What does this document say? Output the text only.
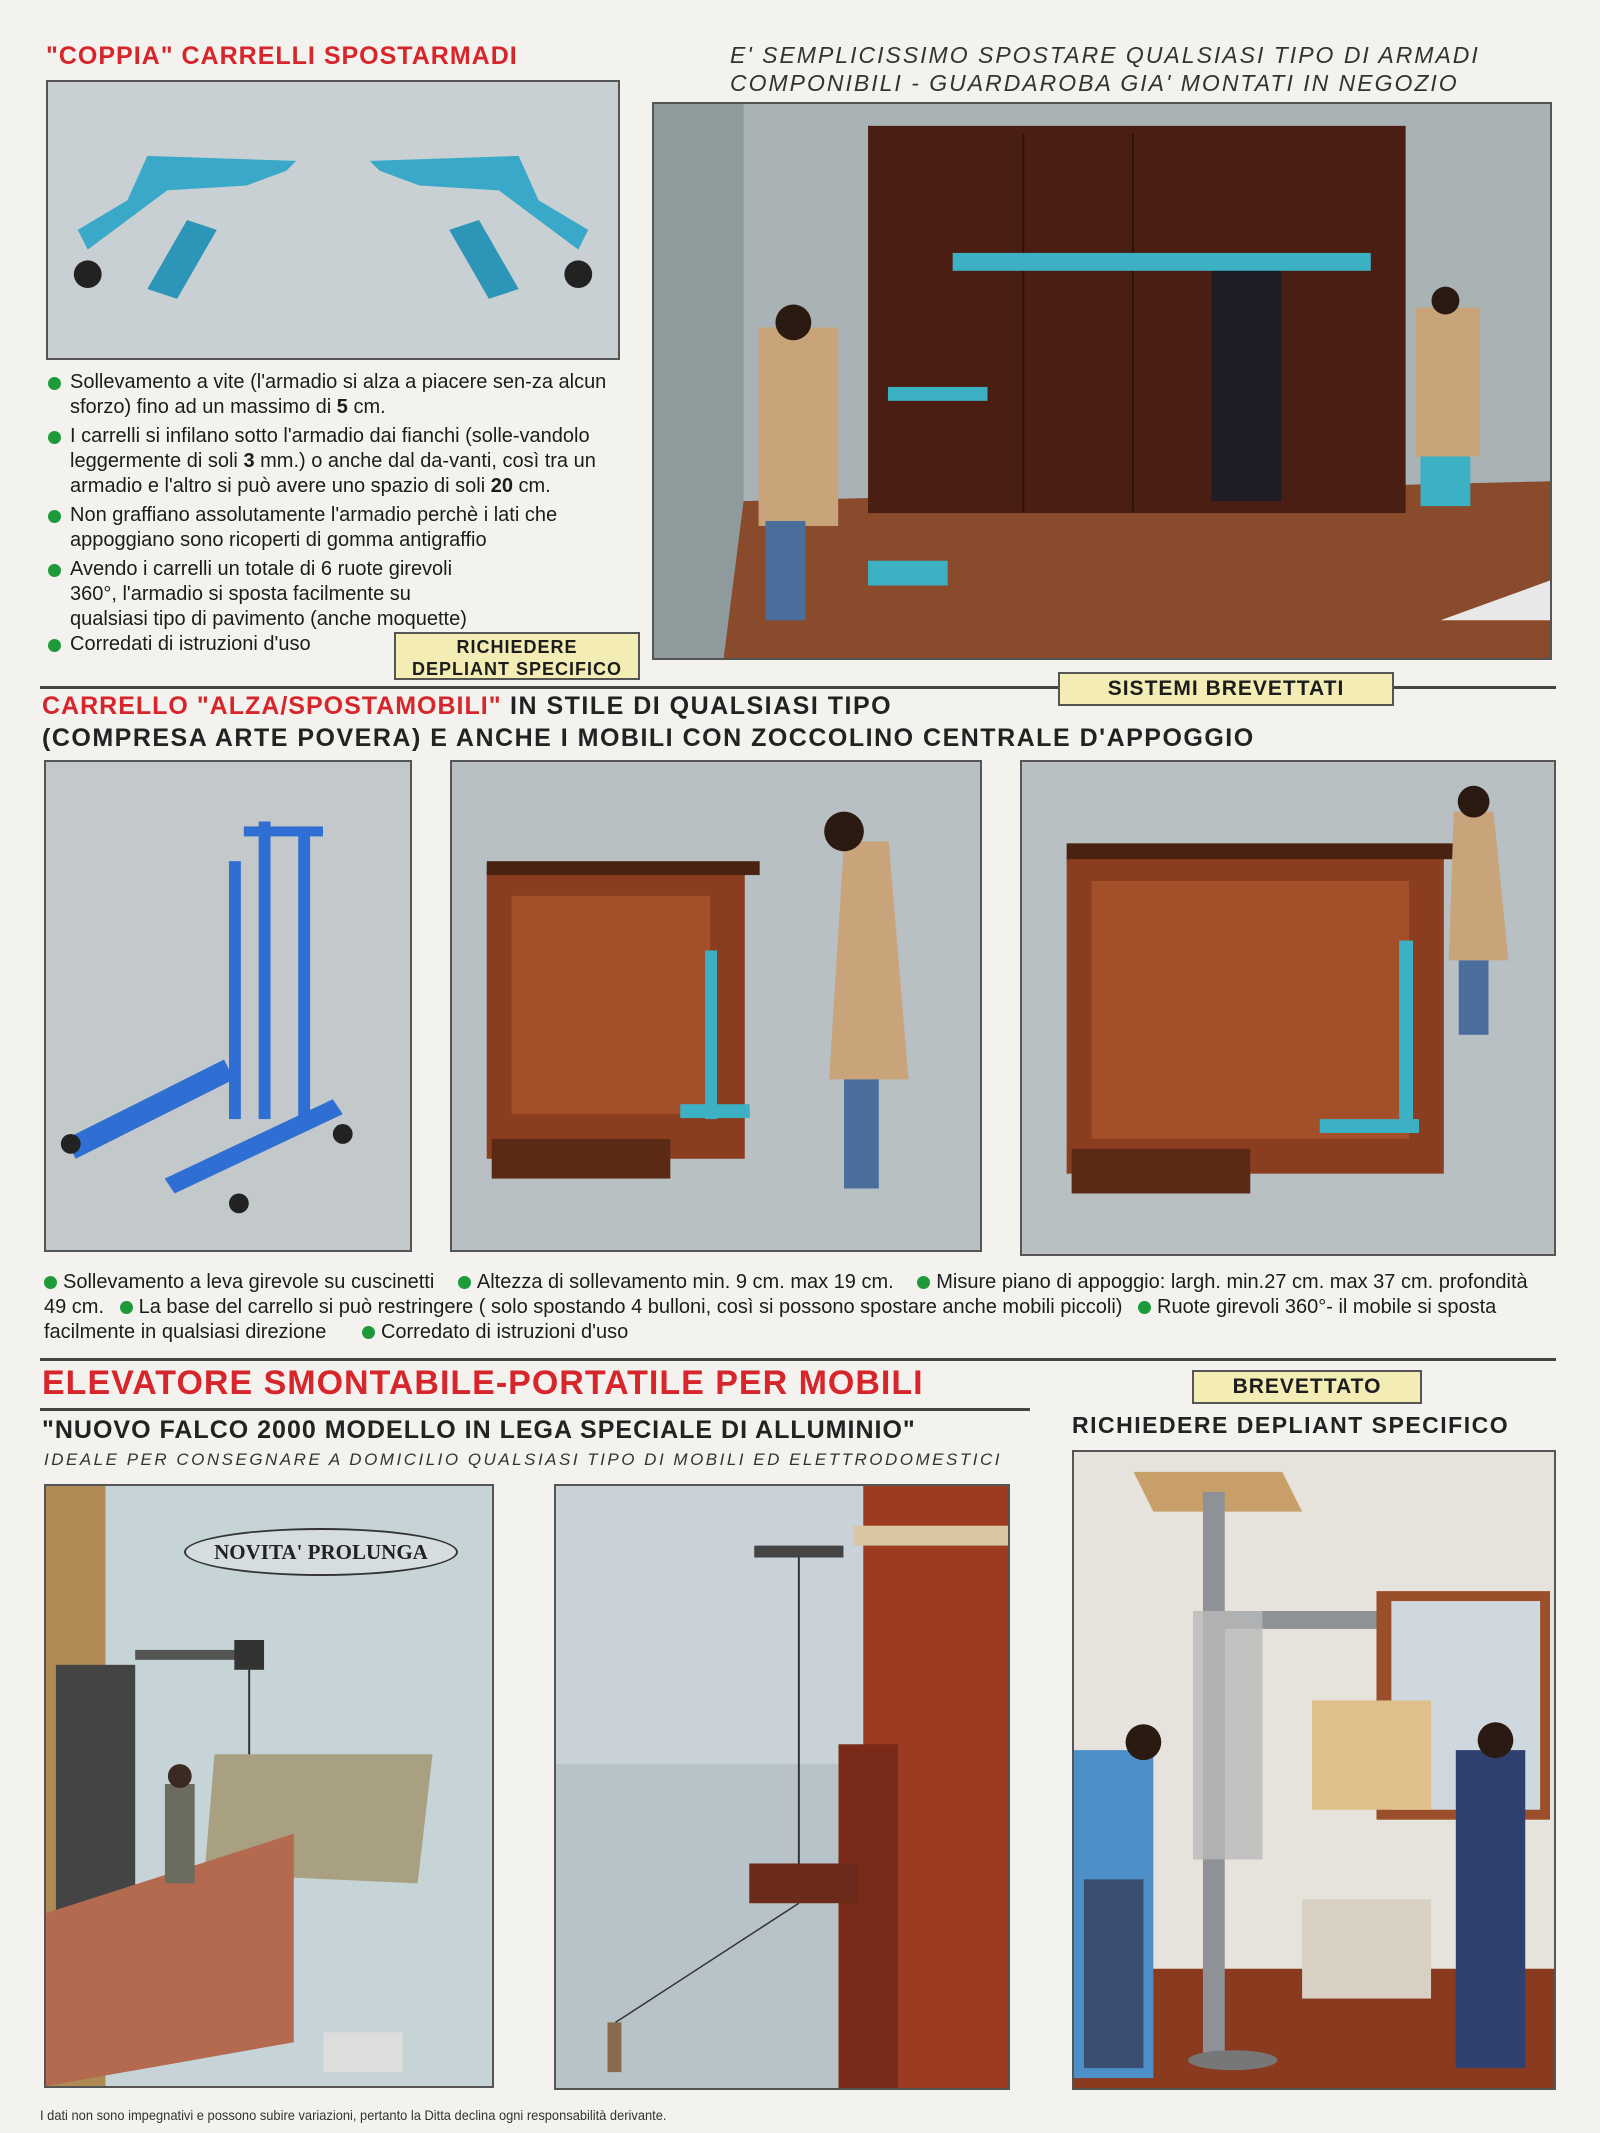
"COPPIA" CARRELLI SPOSTARMADI	E' SEMPLICISSIMO SPOSTARE QUALSIASI TIPO DI ARMADI
COMPONIBILI - GUARDAROBA GIA' MONTATI IN NEGOZIO
Sollevamento a vite (l'armadio si alza a piacere sen-za alcun sforzo) fino ad un massimo di 5 cm.
I carrelli si infilano sotto l'armadio dai fianchi (solle-vandolo leggermente di soli 3 mm.) o anche dal da-vanti, così tra un armadio e l'altro si può avere uno spazio di soli 20 cm.
Non graffiano assolutamente l'armadio perchè i lati che appoggiano sono ricoperti di gomma antigraffio
Avendo i carrelli un totale di 6 ruote girevoli 360°, l'armadio si sposta facilmente su qualsiasi tipo di pavimento (anche moquette)
Corredati di istruzioni d'uso	RICHIEDERE
DEPLIANT SPECIFICO
SISTEMI BREVETTATI
CARRELLO "ALZA/SPOSTAMOBILI" IN STILE DI QUALSIASI TIPO
(COMPRESA ARTE POVERA) E ANCHE I MOBILI CON ZOCCOLINO CENTRALE D'APPOGGIO
Sollevamento a leva girevole su cuscinetti Altezza di sollevamento min. 9 cm. max 19 cm. Misure piano di appoggio: largh. min.27 cm. max 37 cm. profondità 49 cm. La base del carrello si può restringere ( solo spostando 4 bulloni, così si possono spostare anche mobili piccoli) Ruote girevoli 360°- il mobile si sposta facilmente in qualsiasi direzione	Corredato di istruzioni d'uso
ELEVATORE SMONTABILE-PORTATILE PER MOBILI	BREVETTATO
"NUOVO FALCO 2000 MODELLO IN LEGA SPECIALE DI ALLUMINIO"	RICHIEDERE DEPLIANT SPECIFICO
IDEALE PER CONSEGNARE A DOMICILIO QUALSIASI TIPO DI MOBILI ED ELETTRODOMESTICI
NOVITA' PROLUNGA
I dati non sono impegnativi e possono subire variazioni, pertanto la Ditta declina ogni responsabilità derivante.
